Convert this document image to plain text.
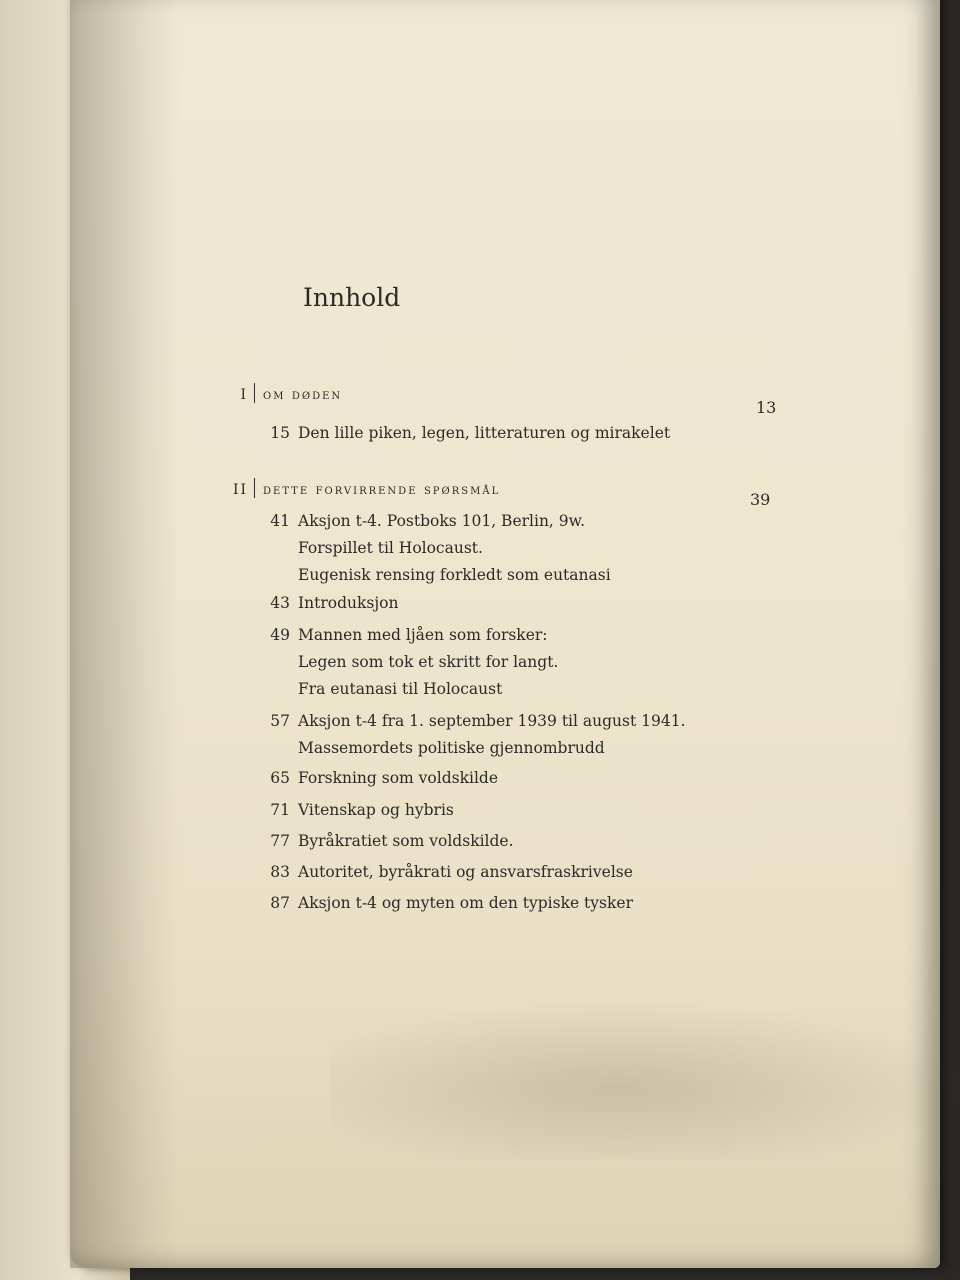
Innhold
I om døden
13
15 Den lille piken, legen, litteraturen og mirakelet
II dette forvirrende spørsmål	39
41 Aksjon t-4. Postboks 101, Berlin, 9w.
Forspillet til Holocaust.
Eugenisk rensing forkledt som eutanasi
43 Introduksjon
49 Mannen med ljåen som forsker:
Legen som tok et skritt for langt.
Fra eutanasi til Holocaust
57 Aksjon t-4 fra 1. september 1939 til august 1941.
Massemordets politiske gjennombrudd
65 Forskning som voldskilde
71 Vitenskap og hybris
77 Byråkratiet som voldskilde.
83 Autoritet, byråkrati og ansvarsfraskrivelse
87 Aksjon t-4 og myten om den typiske tysker
